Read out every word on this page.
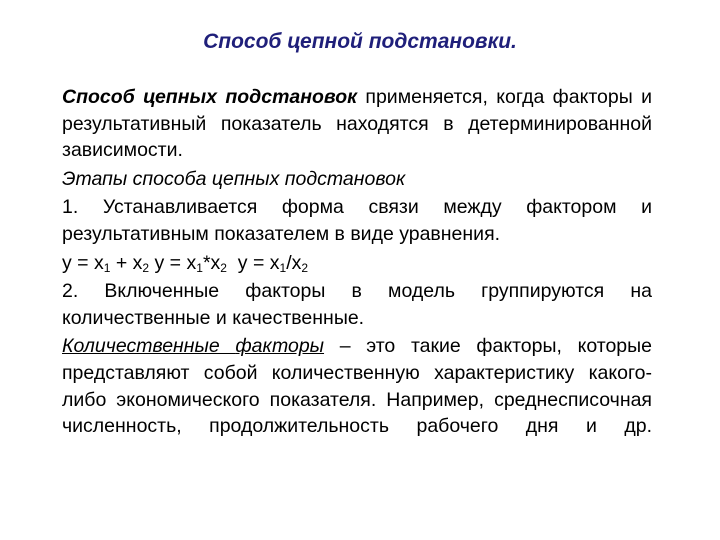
Способ цепной подстановки.

Способ цепных подстановок применяется, когда факторы и результативный показатель находятся в детерминированной зависимости.

Этапы способа цепных подстановок

1. Устанавливается форма связи между фактором и результативным показателем в виде уравнения.

$y = x_1 + x_2$ $y = x_1*x_2$  $y = x_1/x_2$

2. Включенные факторы в модель группируются на количественные и качественные.

Количественные факторы – это такие факторы, которые представляют собой количественную характеристику какого-либо экономического показателя. Например, среднесписочная численность, продолжительность рабочего дня и др.
